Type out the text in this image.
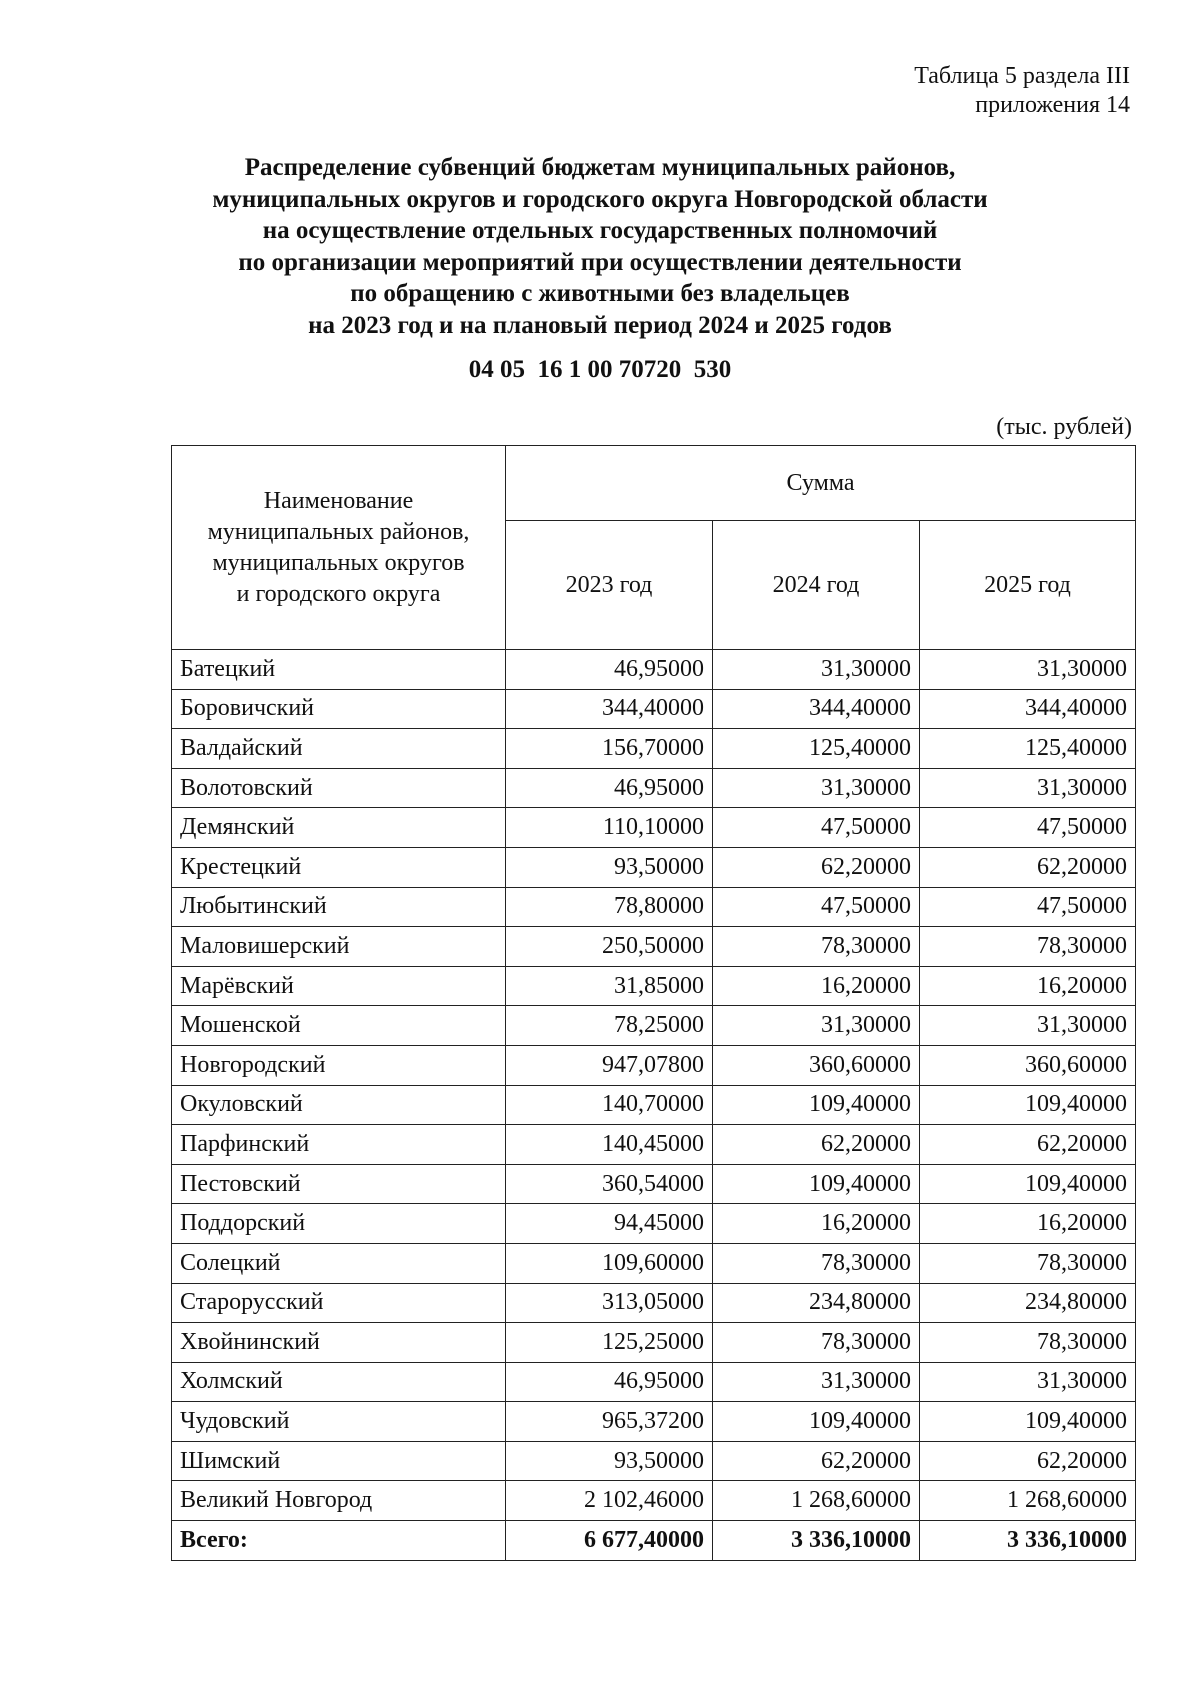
Таблица 5 раздела III
приложения 14
Распределение субвенций бюджетам муниципальных районов,
муниципальных округов и городского округа Новгородской области
на осуществление отдельных государственных полномочий
по организации мероприятий при осуществлении деятельности
по обращению с животными без владельцев
на 2023 год и на плановый период 2024 и 2025 годов
04 05  16 1 00 70720  530
(тыс. рублей)
Наименование
муниципальных районов,
муниципальных округов
и городского округа	Сумма		
	2023 год	2024 год	2025 год
Батецкий	46,95000	31,30000	31,30000
Боровичский	344,40000	344,40000	344,40000
Валдайский	156,70000	125,40000	125,40000
Волотовский	46,95000	31,30000	31,30000
Демянский	110,10000	47,50000	47,50000
Крестецкий	93,50000	62,20000	62,20000
Любытинский	78,80000	47,50000	47,50000
Маловишерский	250,50000	78,30000	78,30000
Марёвский	31,85000	16,20000	16,20000
Мошенской	78,25000	31,30000	31,30000
Новгородский	947,07800	360,60000	360,60000
Окуловский	140,70000	109,40000	109,40000
Парфинский	140,45000	62,20000	62,20000
Пестовский	360,54000	109,40000	109,40000
Поддорский	94,45000	16,20000	16,20000
Солецкий	109,60000	78,30000	78,30000
Старорусский	313,05000	234,80000	234,80000
Хвойнинский	125,25000	78,30000	78,30000
Холмский	46,95000	31,30000	31,30000
Чудовский	965,37200	109,40000	109,40000
Шимский	93,50000	62,20000	62,20000
Великий Новгород	2 102,46000	1 268,60000	1 268,60000
Всего:	6 677,40000	3 336,10000	3 336,10000
